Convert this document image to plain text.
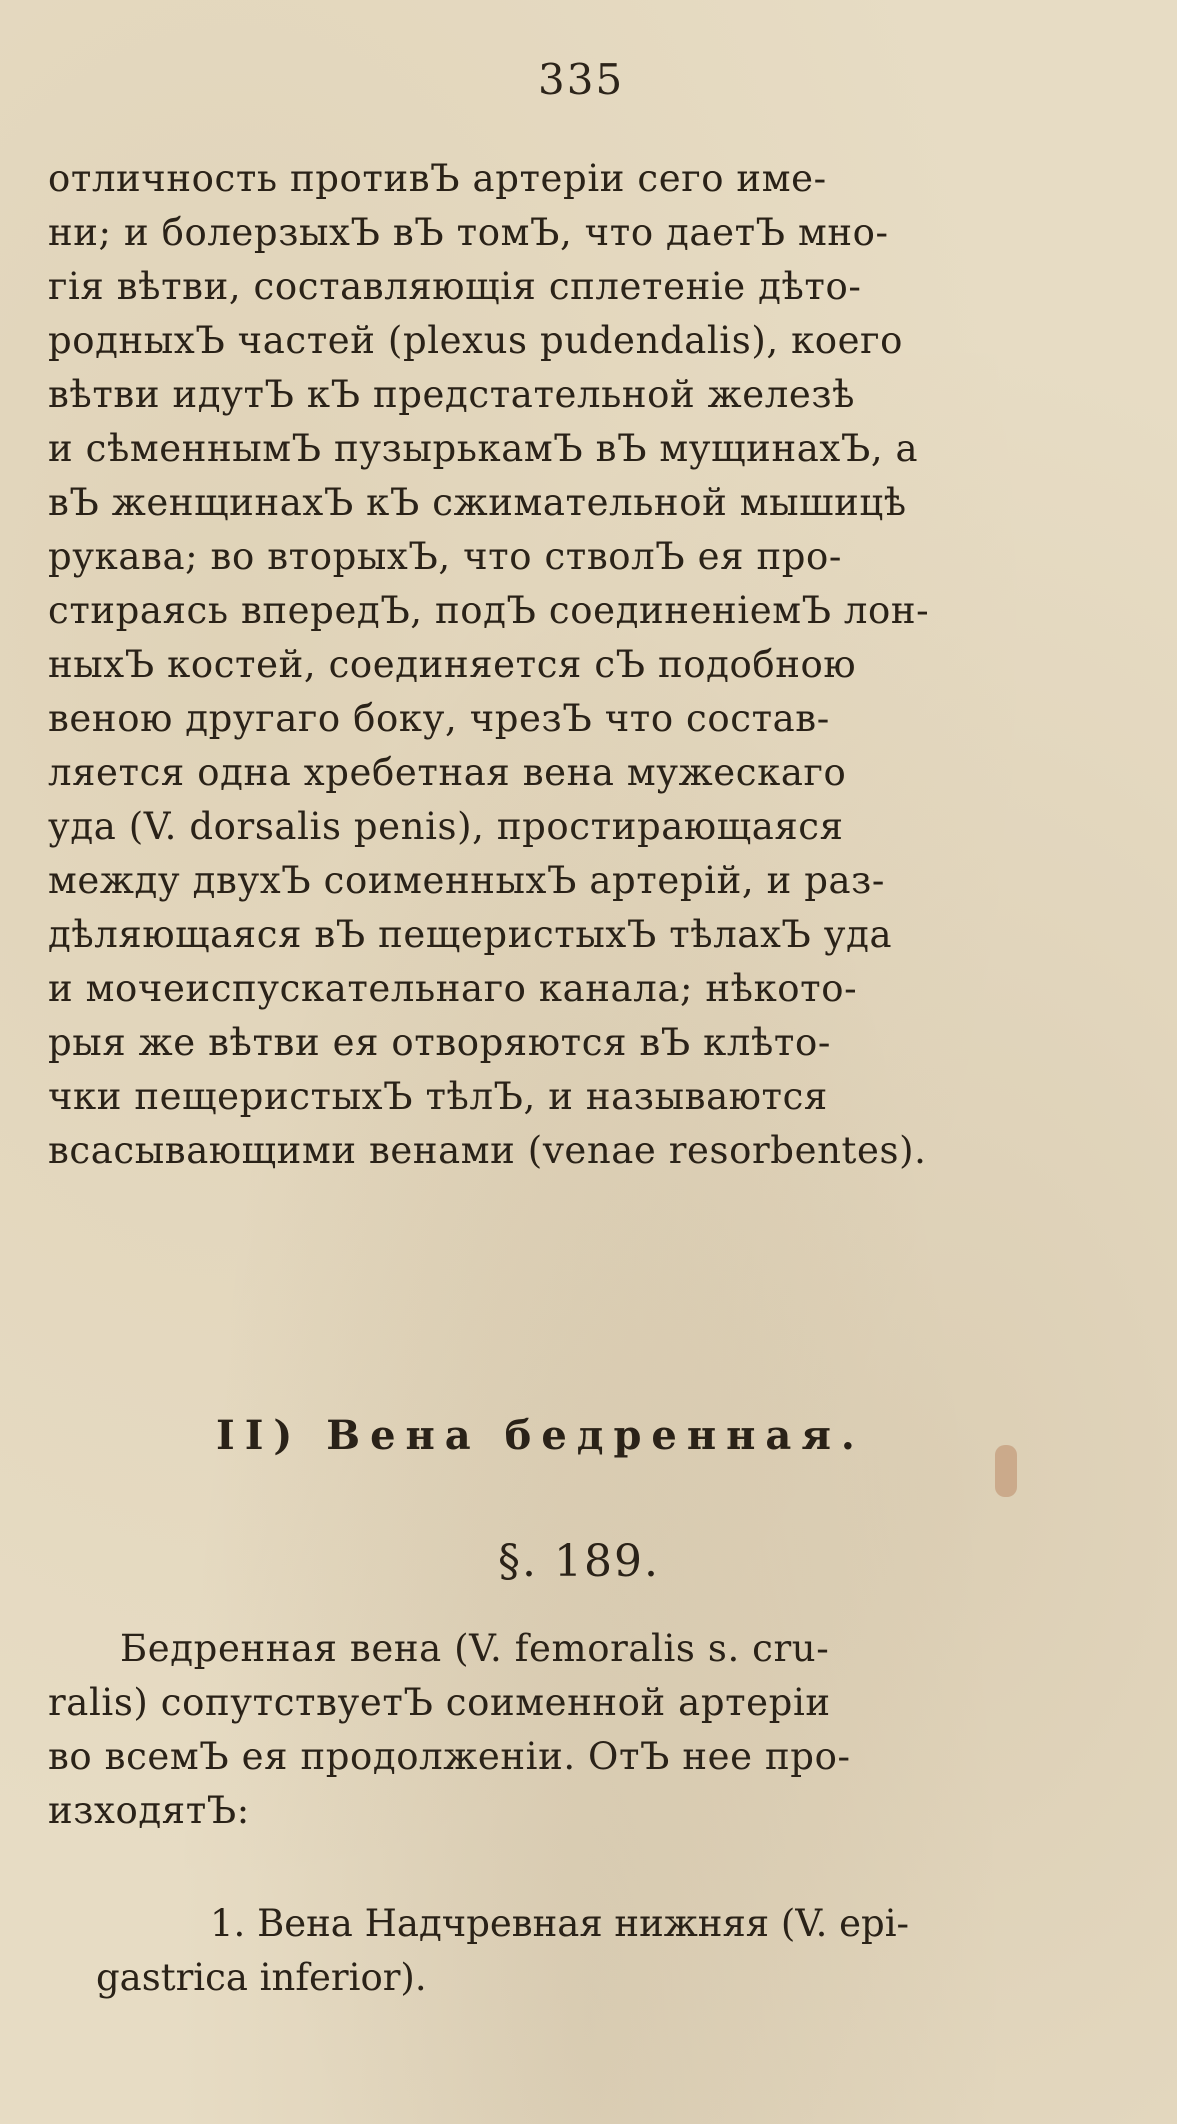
335
отличность противЪ артеріи сего име-
ни; и болерзыхЪ вЪ томЪ, что даетЪ мно-
гія вѣтви, составляющія сплетеніе дѣто-
родныхЪ частей (plexus pudendalis), коего
вѣтви идутЪ кЪ предстательной железѣ
и сѣменнымЪ пузырькамЪ вЪ мущинахЪ, а
вЪ женщинахЪ кЪ сжимательной мышицѣ
рукава; во вторыхЪ, что стволЪ ея про-
стираясь впередЪ, подЪ соединеніемЪ лон-
ныхЪ костей, соединяется сЪ подобною
веною другаго боку, чрезЪ что состав-
ляется одна хребетная вена мужескаго
уда (V. dorsalis penis), простирающаяся
между двухЪ соименныхЪ артерій, и раз-
дѣляющаяся вЪ пещеристыхЪ тѣлахЪ уда
и мочеиспускательнаго канала; нѣкото-
рыя же вѣтви ея отворяются вЪ клѣто-
чки пещеристыхЪ тѣлЪ, и называются
всасывающими венами (venae resorbentes).
II) Вена бедренная.
§. 189.
Бедренная вена (V. femoralis s. cru-
ralis) сопутствуетЪ соименной артеріи
во всемЪ ея продолженіи. ОтЪ нее про-
изходятЪ:
1. Вена Надчревная нижняя (V. epi-
gastrica inferior).
